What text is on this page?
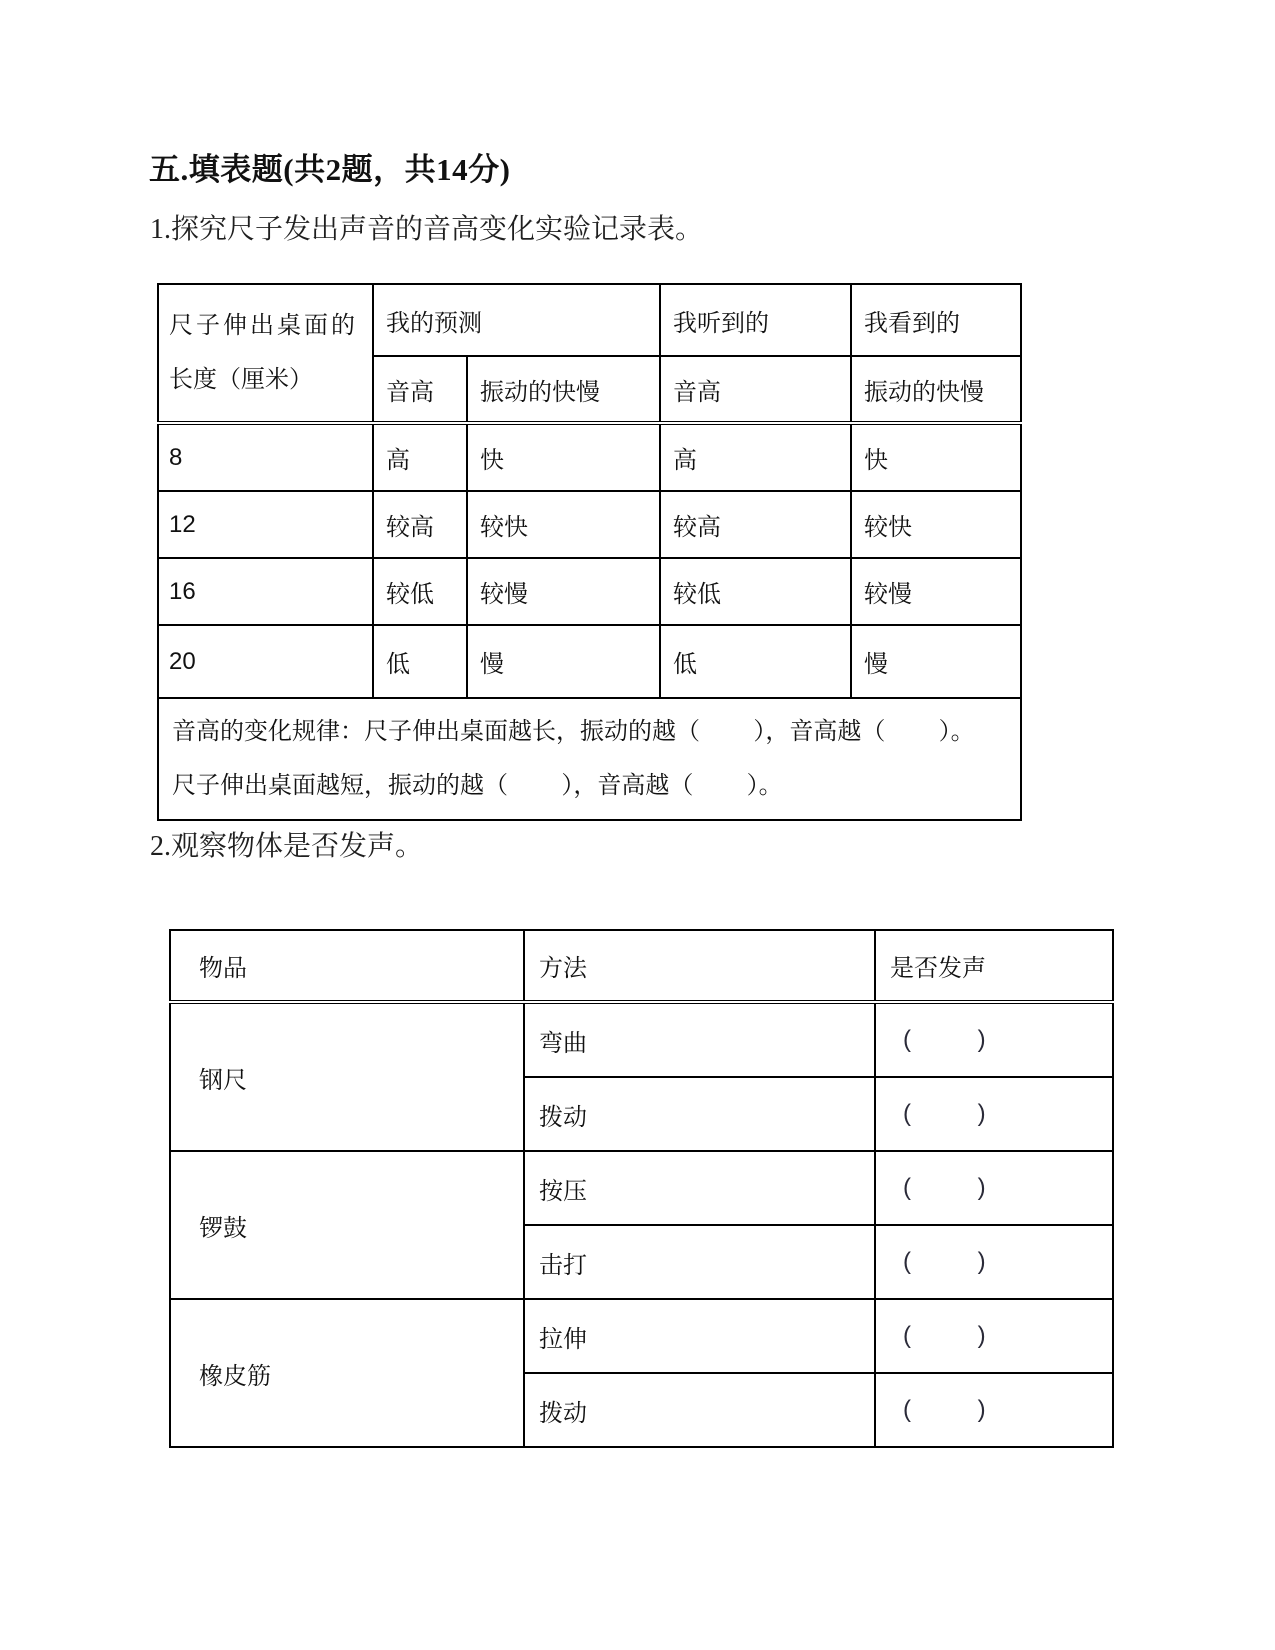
五.填表题(共2题，共14分)
1.探究尺子发出声音的音高变化实验记录表。
尺子伸出桌面的
长度（厘米）	我的预测		我听到的	我看到的
	音高	振动的快慢	音高	振动的快慢
8	高	快	高	快
12	较高	较快	较高	较快
16	较低	较慢	较低	较慢
20	低	慢	低	慢

音高的变化规律：尺子伸出桌面越长，振动的越（        ），音高越（        ）。
尺子伸出桌面越短，振动的越（        ），音高越（        ）。				
2.观察物体是否发声。
物品	方法	是否发声
钢尺	弯曲	(          )
	拨动	(          )
锣鼓	按压	(          )
	击打	(          )
橡皮筋	拉伸	(          )
	拨动	(          )
